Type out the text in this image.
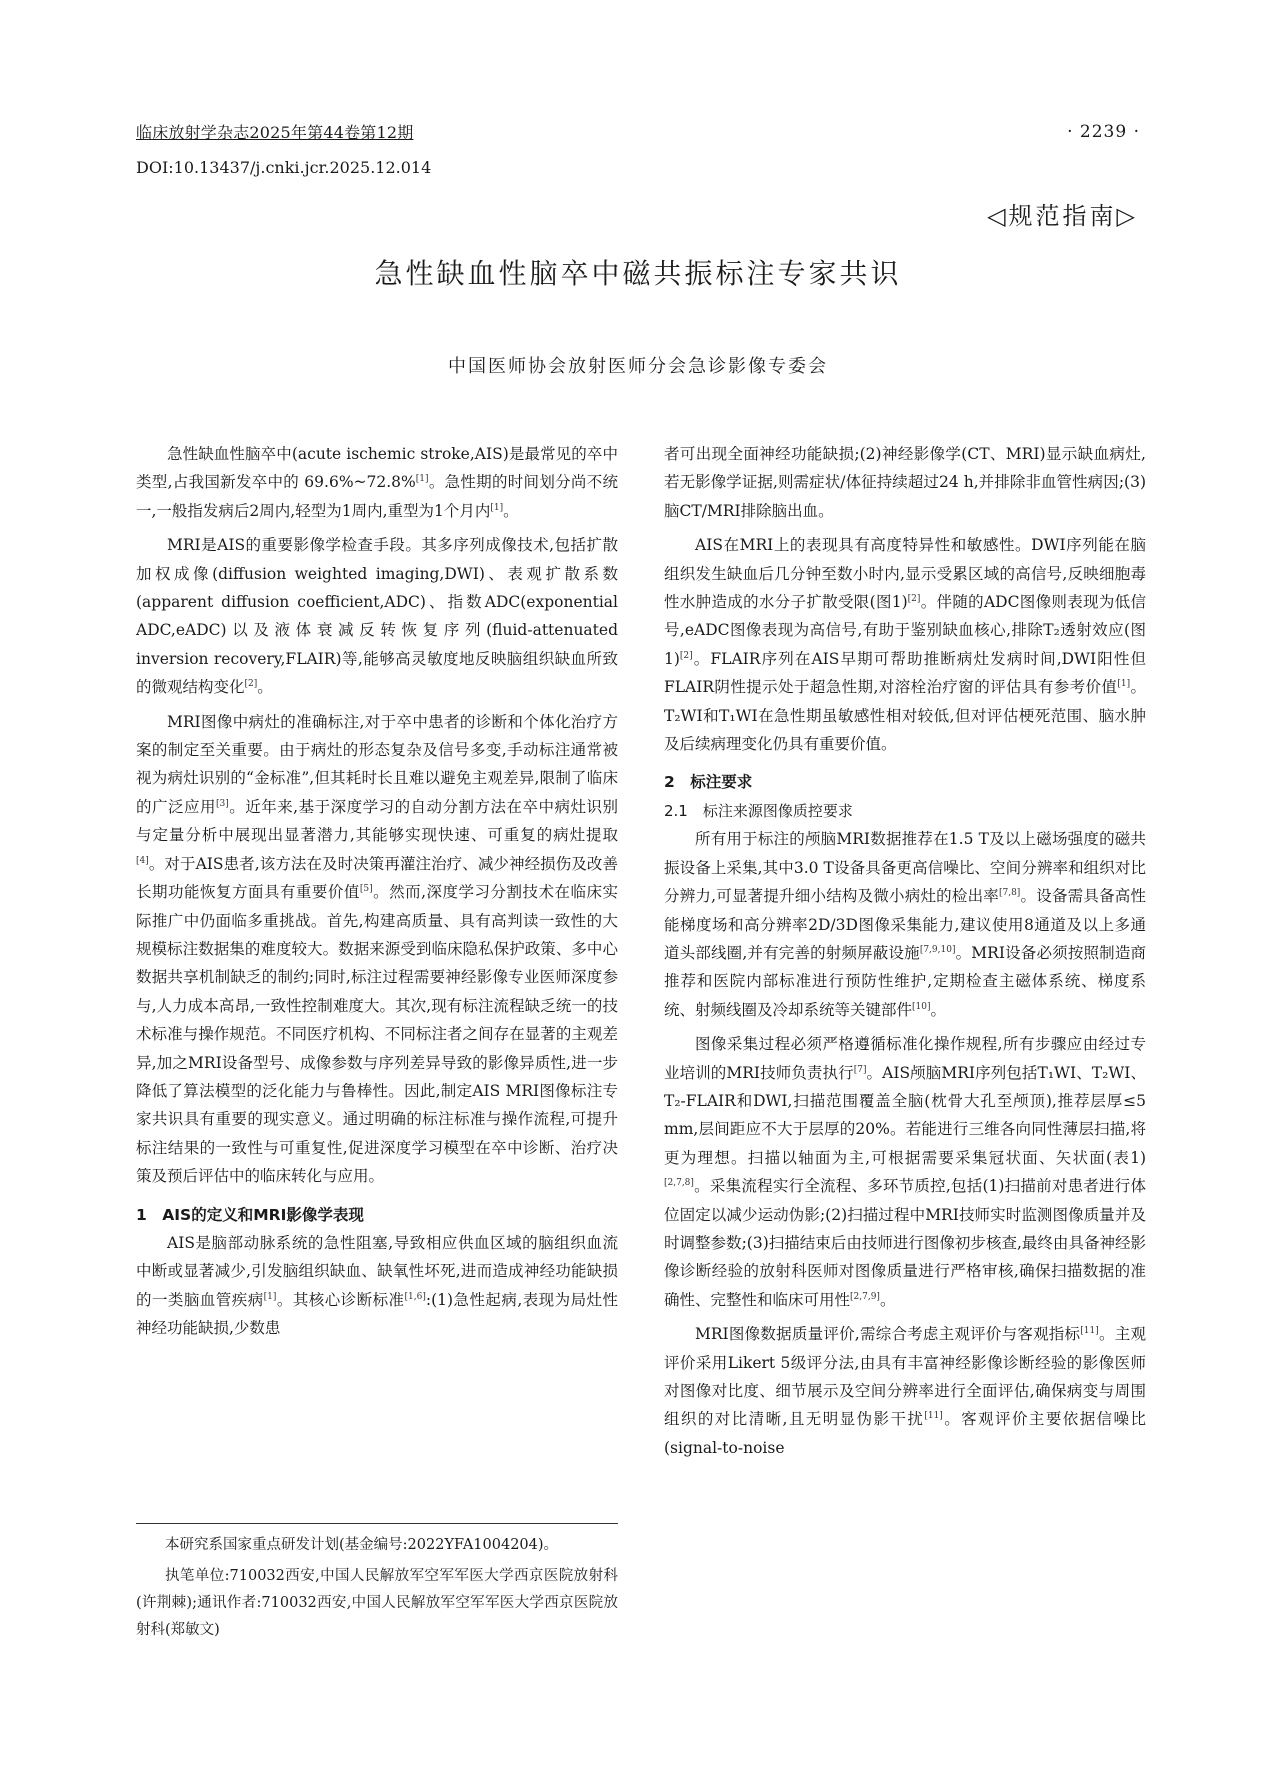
临床放射学杂志2025年第44卷第12期	· 2239 ·
DOI:10.13437/j.cnki.jcr.2025.12.014
◁规范指南▷
急性缺血性脑卒中磁共振标注专家共识
中国医师协会放射医师分会急诊影像专委会

急性缺血性脑卒中(acute ischemic stroke,AIS)是最常见的卒中类型,占我国新发卒中的 69.6%~72.8%[1]。急性期的时间划分尚不统一,一般指发病后2周内,轻型为1周内,重型为1个月内[1]。

MRI是AIS的重要影像学检查手段。其多序列成像技术,包括扩散加权成像(diffusion weighted imaging,DWI)、表观扩散系数(apparent diffusion coefficient,ADC)、指数ADC(exponential ADC,eADC)以及液体衰减反转恢复序列(fluid-attenuated inversion recovery,FLAIR)等,能够高灵敏度地反映脑组织缺血所致的微观结构变化[2]。

MRI图像中病灶的准确标注,对于卒中患者的诊断和个体化治疗方案的制定至关重要。由于病灶的形态复杂及信号多变,手动标注通常被视为病灶识别的“金标准”,但其耗时长且难以避免主观差异,限制了临床的广泛应用[3]。近年来,基于深度学习的自动分割方法在卒中病灶识别与定量分析中展现出显著潜力,其能够实现快速、可重复的病灶提取[4]。对于AIS患者,该方法在及时决策再灌注治疗、减少神经损伤及改善长期功能恢复方面具有重要价值[5]。然而,深度学习分割技术在临床实际推广中仍面临多重挑战。首先,构建高质量、具有高判读一致性的大规模标注数据集的难度较大。数据来源受到临床隐私保护政策、多中心数据共享机制缺乏的制约;同时,标注过程需要神经影像专业医师深度参与,人力成本高昂,一致性控制难度大。其次,现有标注流程缺乏统一的技术标准与操作规范。不同医疗机构、不同标注者之间存在显著的主观差异,加之MRI设备型号、成像参数与序列差异导致的影像异质性,进一步降低了算法模型的泛化能力与鲁棒性。因此,制定AIS MRI图像标注专家共识具有重要的现实意义。通过明确的标注标准与操作流程,可提升标注结果的一致性与可重复性,促进深度学习模型在卒中诊断、治疗决策及预后评估中的临床转化与应用。

1　AIS的定义和MRI影像学表现

AIS是脑部动脉系统的急性阻塞,导致相应供血区域的脑组织血流中断或显著减少,引发脑组织缺血、缺氧性坏死,进而造成神经功能缺损的一类脑血管疾病[1]。其核心诊断标准[1,6]:(1)急性起病,表现为局灶性神经功能缺损,少数患

本研究系国家重点研发计划(基金编号:2022YFA1004204)。

执笔单位:710032西安,中国人民解放军空军军医大学西京医院放射科(许荆棘);通讯作者:710032西安,中国人民解放军空军军医大学西京医院放射科(郑敏文)

者可出现全面神经功能缺损;(2)神经影像学(CT、MRI)显示缺血病灶,若无影像学证据,则需症状/体征持续超过24 h,并排除非血管性病因;(3)脑CT/MRI排除脑出血。

AIS在MRI上的表现具有高度特异性和敏感性。DWI序列能在脑组织发生缺血后几分钟至数小时内,显示受累区域的高信号,反映细胞毒性水肿造成的水分子扩散受限(图1)[2]。伴随的ADC图像则表现为低信号,eADC图像表现为高信号,有助于鉴别缺血核心,排除T₂透射效应(图1)[2]。FLAIR序列在AIS早期可帮助推断病灶发病时间,DWI阳性但FLAIR阴性提示处于超急性期,对溶栓治疗窗的评估具有参考价值[1]。T₂WI和T₁WI在急性期虽敏感性相对较低,但对评估梗死范围、脑水肿及后续病理变化仍具有重要价值。

2　标注要求
2.1　标注来源图像质控要求

所有用于标注的颅脑MRI数据推荐在1.5 T及以上磁场强度的磁共振设备上采集,其中3.0 T设备具备更高信噪比、空间分辨率和组织对比分辨力,可显著提升细小结构及微小病灶的检出率[7,8]。设备需具备高性能梯度场和高分辨率2D/3D图像采集能力,建议使用8通道及以上多通道头部线圈,并有完善的射频屏蔽设施[7,9,10]。MRI设备必须按照制造商推荐和医院内部标准进行预防性维护,定期检查主磁体系统、梯度系统、射频线圈及冷却系统等关键部件[10]。

图像采集过程必须严格遵循标准化操作规程,所有步骤应由经过专业培训的MRI技师负责执行[7]。AIS颅脑MRI序列包括T₁WI、T₂WI、T₂-FLAIR和DWI,扫描范围覆盖全脑(枕骨大孔至颅顶),推荐层厚≤5 mm,层间距应不大于层厚的20%。若能进行三维各向同性薄层扫描,将更为理想。扫描以轴面为主,可根据需要采集冠状面、矢状面(表1)[2,7,8]。采集流程实行全流程、多环节质控,包括(1)扫描前对患者进行体位固定以减少运动伪影;(2)扫描过程中MRI技师实时监测图像质量并及时调整参数;(3)扫描结束后由技师进行图像初步核查,最终由具备神经影像诊断经验的放射科医师对图像质量进行严格审核,确保扫描数据的准确性、完整性和临床可用性[2,7,9]。

MRI图像数据质量评价,需综合考虑主观评价与客观指标[11]。主观评价采用Likert 5级评分法,由具有丰富神经影像诊断经验的影像医师对图像对比度、细节展示及空间分辨率进行全面评估,确保病变与周围组织的对比清晰,且无明显伪影干扰[11]。客观评价主要依据信噪比(signal-to-noise
